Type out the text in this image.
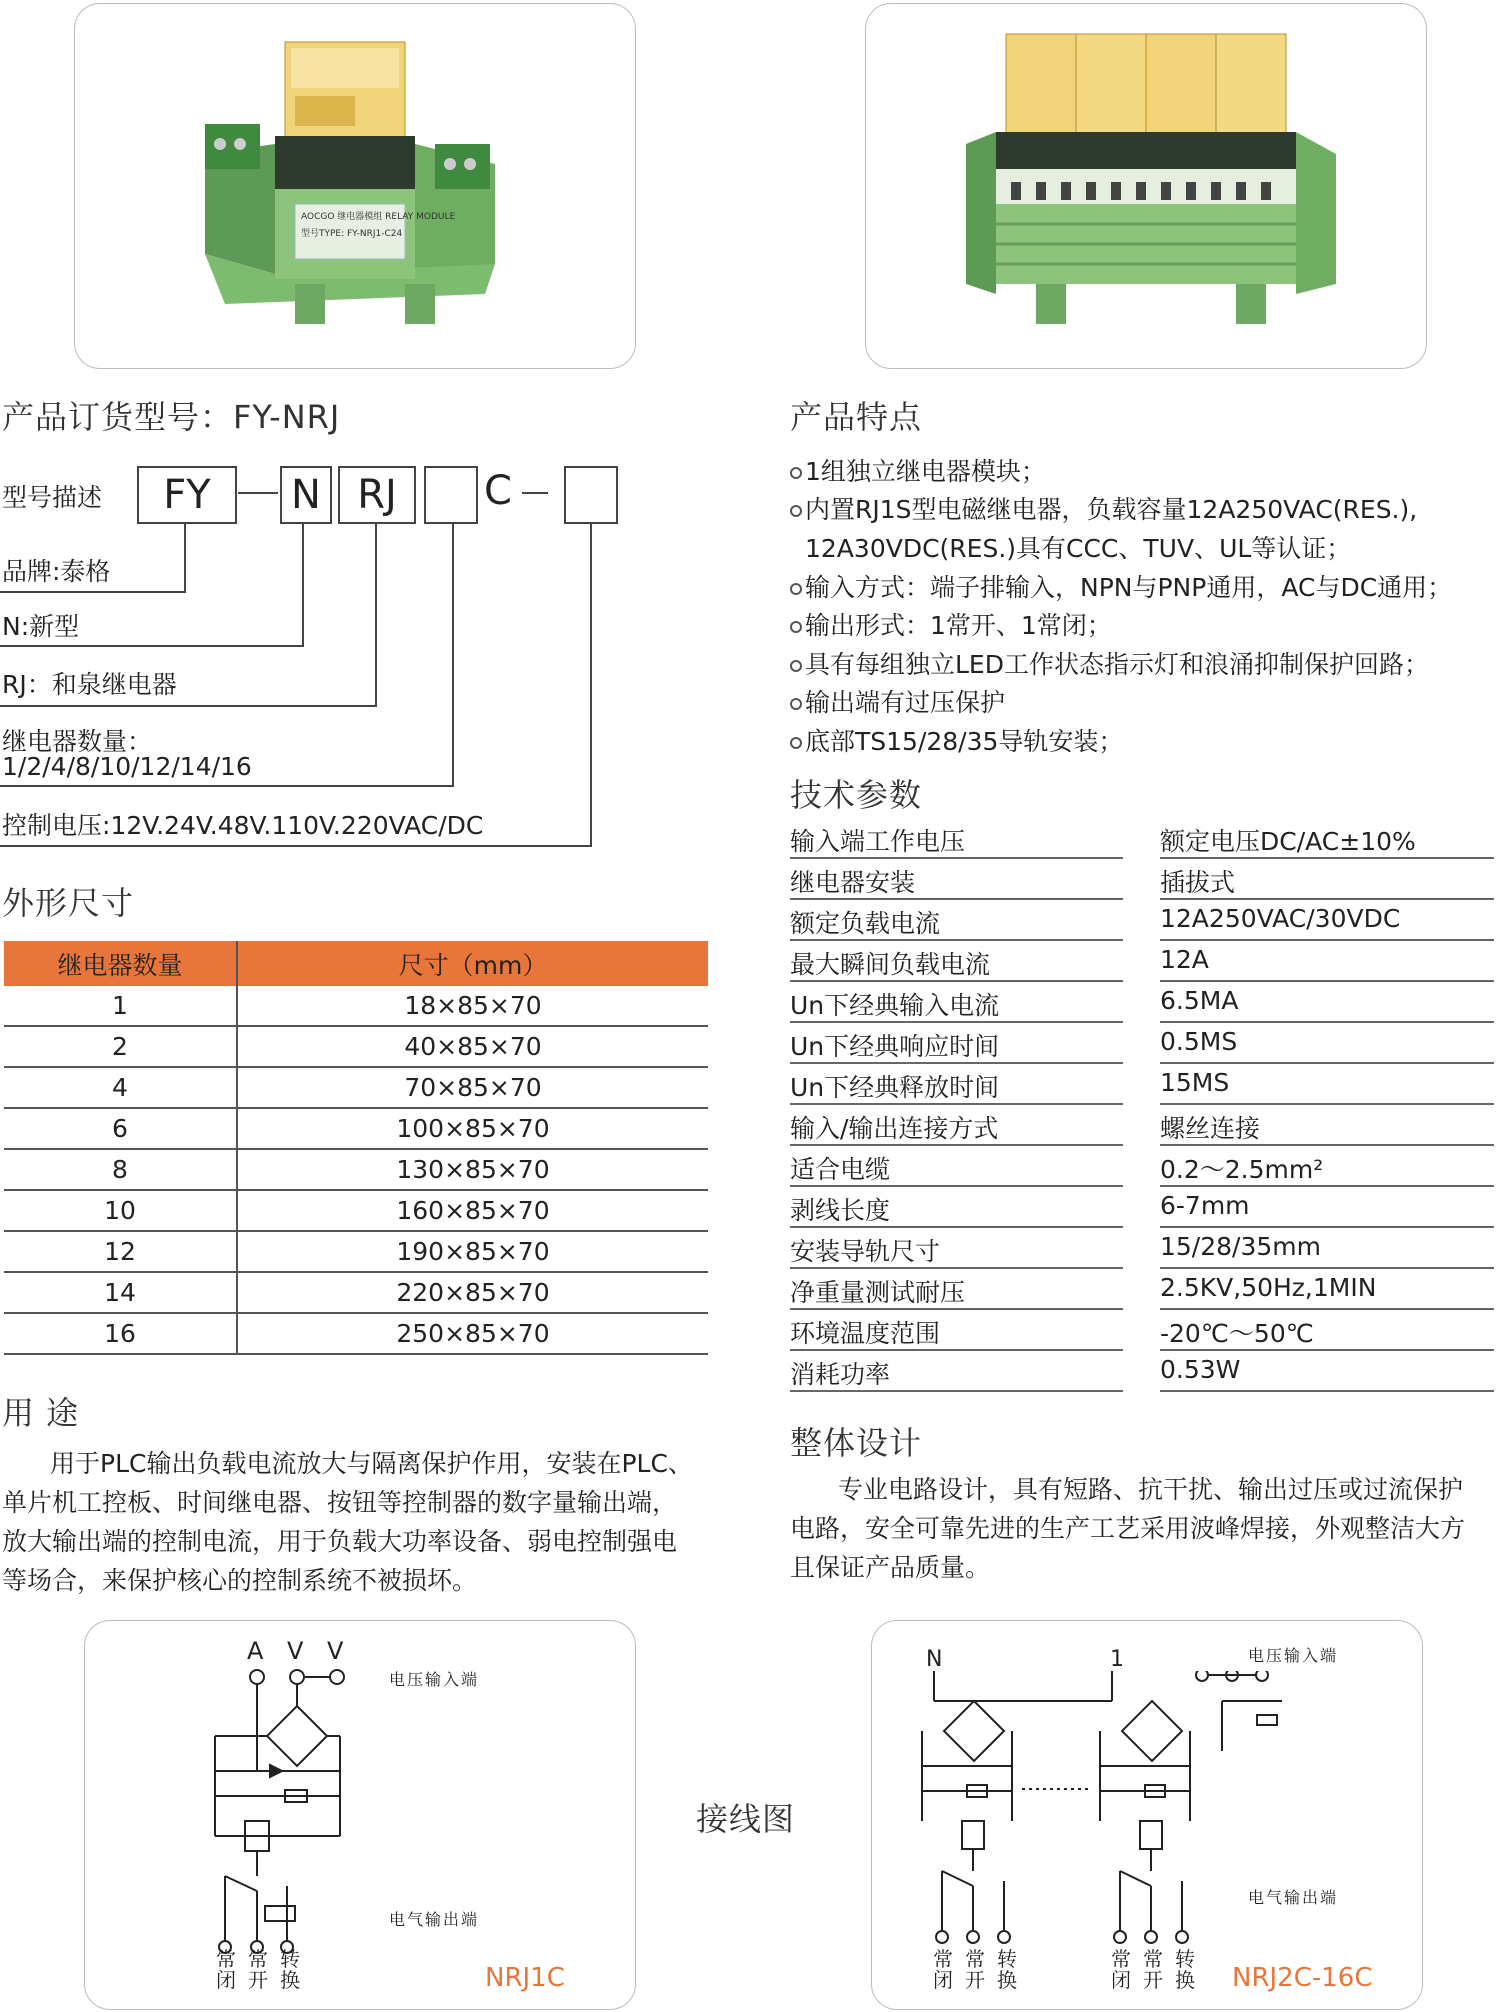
AOCGO 继电器模组 RELAY MODULE
型号TYPE: FY-NRJ1-C24
产品订货型号：FY-NRJ
型号描述	FY	N RJ	C
品牌:泰格
N:新型
RJ：和泉继电器
继电器数量：
1/2/4/8/10/12/14/16
控制电压:12V.24V.48V.110V.220VAC/DC
外形尺寸
继电器数量	尺寸（mm）
1	18×85×70
2	40×85×70
4	70×85×70
6	100×85×70
8	130×85×70
10	160×85×70
12	190×85×70
14	220×85×70
16	250×85×70
用 途
用于PLC输出负载电流放大与隔离保护作用，安装在PLC、
单片机工控板、时间继电器、按钮等控制器的数字量输出端，
放大输出端的控制电流，用于负载大功率设备、弱电控制强电
等场合，来保护核心的控制系统不被损坏。
产品特点
1组独立继电器模块；
内置RJ1S型电磁继电器，负载容量12A250VAC(RES.),
12A30VDC(RES.)具有CCC、TUV、UL等认证；
输入方式：端子排输入，NPN与PNP通用，AC与DC通用；
输出形式：1常开、1常闭；
具有每组独立LED工作状态指示灯和浪涌抑制保护回路；
输出端有过压保护
底部TS15/28/35导轨安装；
技术参数
输入端工作电压	额定电压DC/AC±10%
继电器安装	插拔式
额定负载电流	12A250VAC/30VDC
最大瞬间负载电流	12A
Un下经典输入电流	6.5MA
Un下经典响应时间	0.5MS
Un下经典释放时间	15MS
输入/输出连接方式	螺丝连接
适合电缆	0.2～2.5mm²
剥线长度	6-7mm
安装导轨尺寸	15/28/35mm
净重量测试耐压	2.5KV,50Hz,1MIN
环境温度范围	-20℃～50℃
消耗功率	0.53W
整体设计
专业电路设计，具有短路、抗干扰、输出过压或过流保护
电路，安全可靠先进的生产工艺采用波峰焊接，外观整洁大方
且保证产品质量。
接线图
A V V
电压输入端
电气输出端
常闭
常开
转换	NRJ1C
N	1	电压输入端
电气输出端
常闭
常开
转换
常闭
常开
转换 NRJ2C-16C
